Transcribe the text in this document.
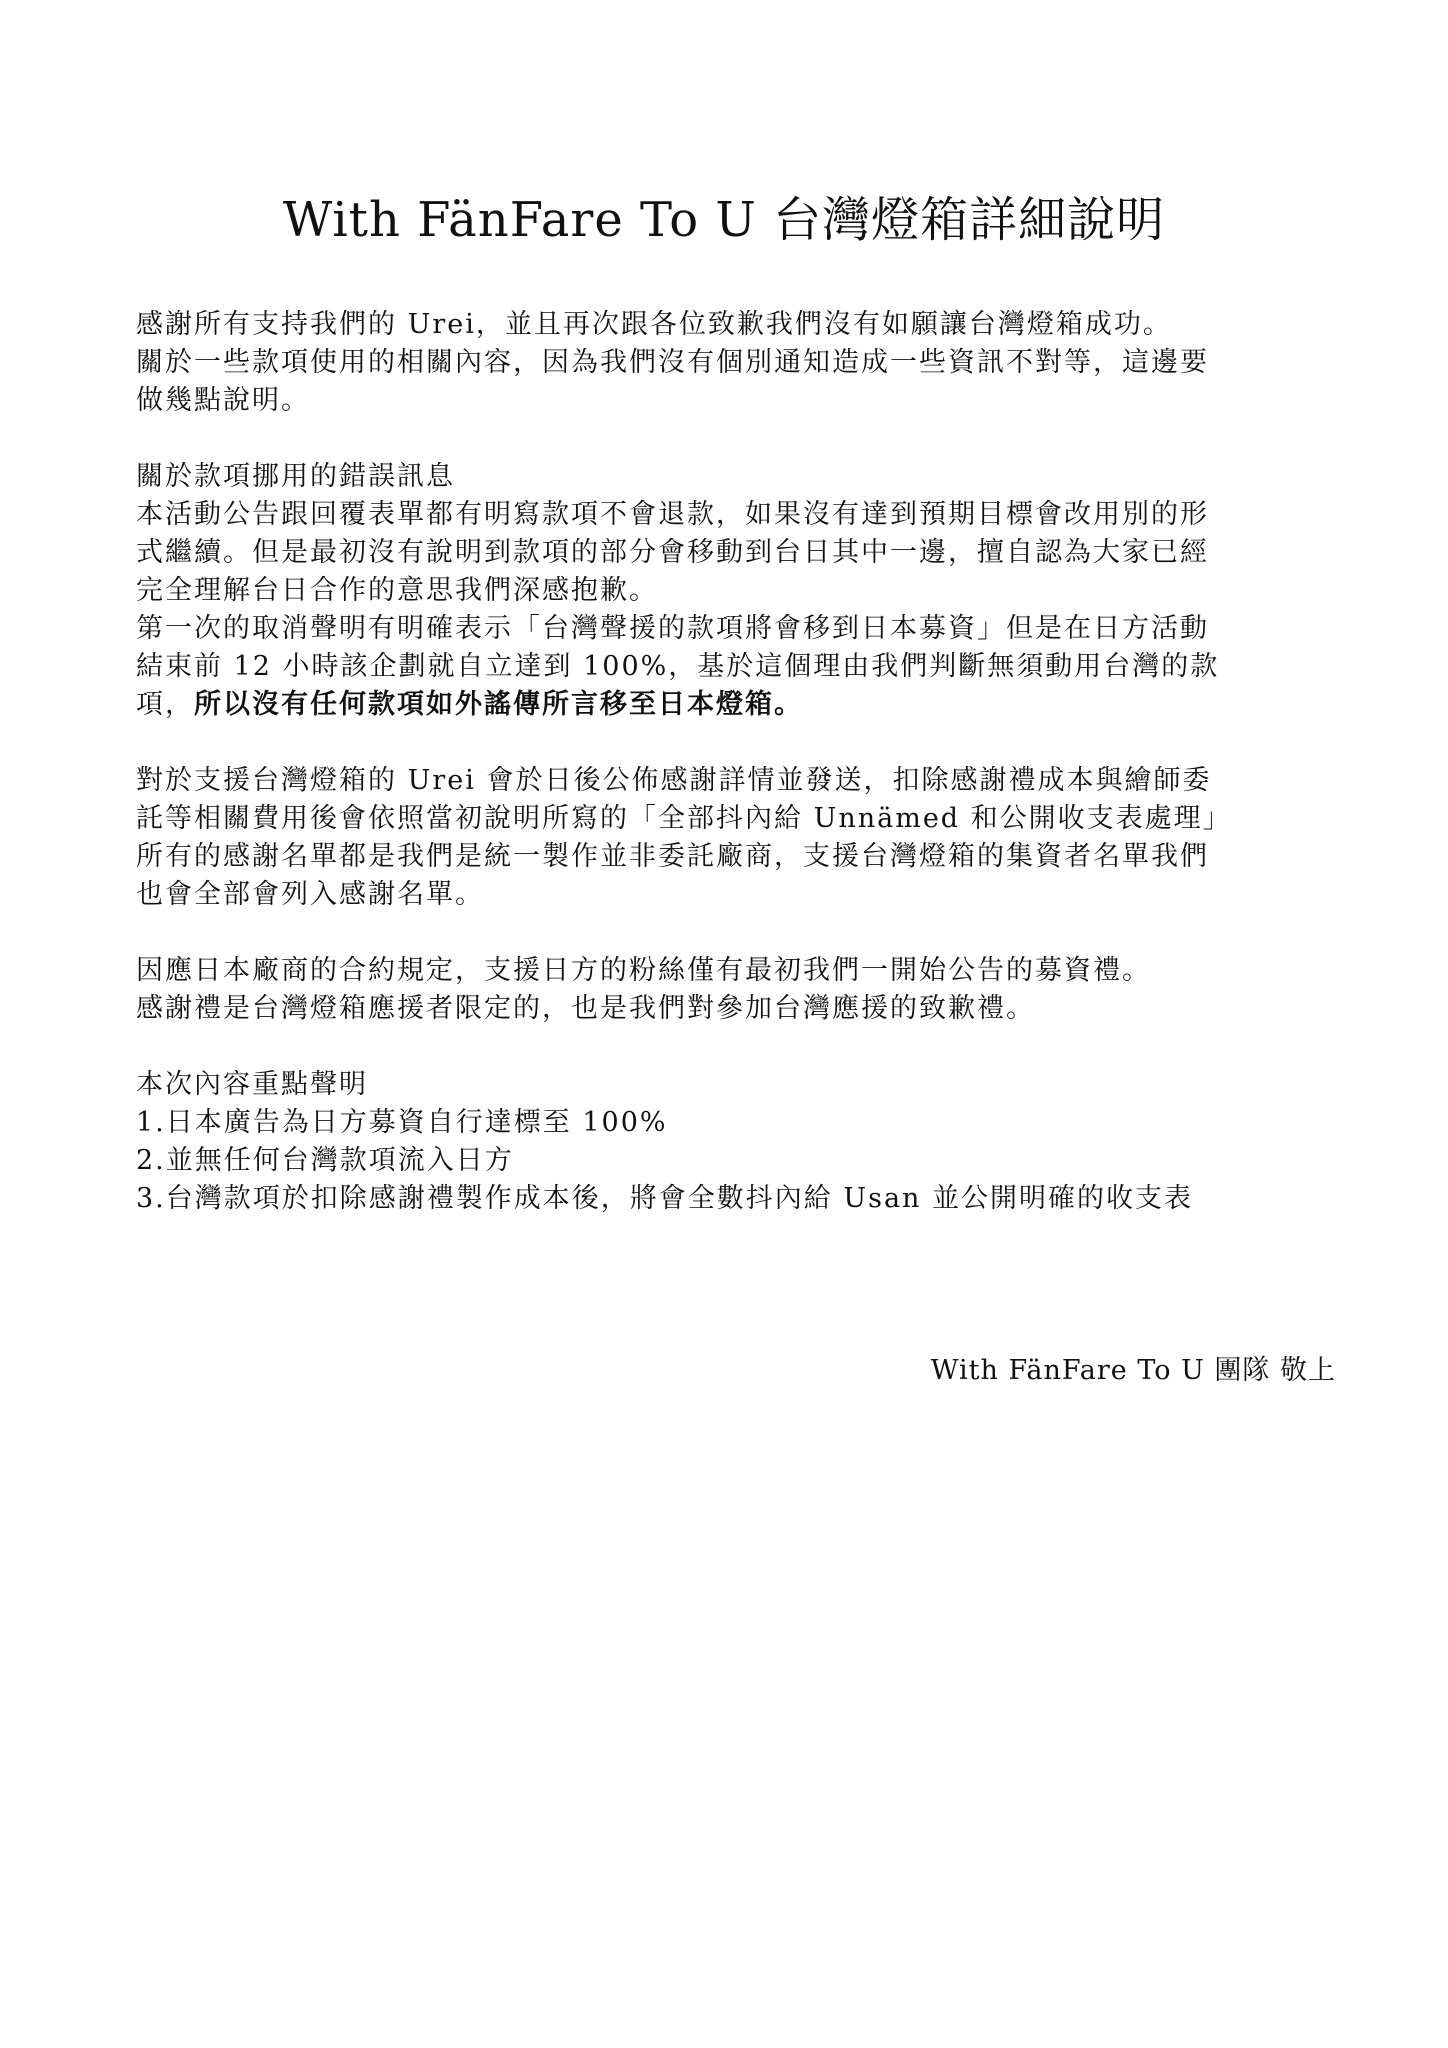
With FänFare To U 台灣燈箱詳細說明
感謝所有支持我們的 Urei，並且再次跟各位致歉我們沒有如願讓台灣燈箱成功。
關於一些款項使用的相關內容，因為我們沒有個別通知造成一些資訊不對等，這邊要
做幾點說明。
關於款項挪用的錯誤訊息
本活動公告跟回覆表單都有明寫款項不會退款，如果沒有達到預期目標會改用別的形
式繼續。但是最初沒有說明到款項的部分會移動到台日其中一邊，擅自認為大家已經
完全理解台日合作的意思我們深感抱歉。
第一次的取消聲明有明確表示「台灣聲援的款項將會移到日本募資」但是在日方活動
結束前 12 小時該企劃就自立達到 100%，基於這個理由我們判斷無須動用台灣的款
項，所以沒有任何款項如外謠傳所言移至日本燈箱。
對於支援台灣燈箱的 Urei 會於日後公佈感謝詳情並發送，扣除感謝禮成本與繪師委
託等相關費用後會依照當初說明所寫的「全部抖內給 Unnämed 和公開收支表處理」
所有的感謝名單都是我們是統一製作並非委託廠商，支援台灣燈箱的集資者名單我們
也會全部會列入感謝名單。
因應日本廠商的合約規定，支援日方的粉絲僅有最初我們一開始公告的募資禮。
感謝禮是台灣燈箱應援者限定的，也是我們對參加台灣應援的致歉禮。
本次內容重點聲明
1.日本廣告為日方募資自行達標至 100%
2.並無任何台灣款項流入日方
3.台灣款項於扣除感謝禮製作成本後，將會全數抖內給 Usan 並公開明確的收支表
With FänFare To U 團隊 敬上
